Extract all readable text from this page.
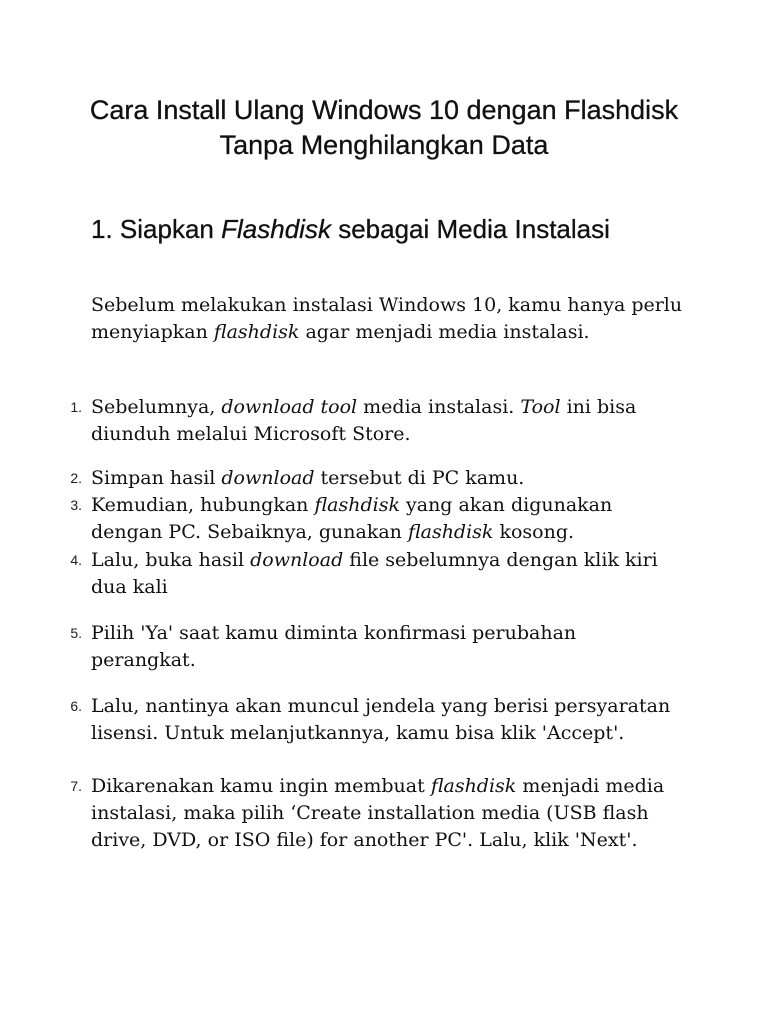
Cara Install Ulang Windows 10 dengan Flashdisk Tanpa Menghilangkan Data
1. Siapkan Flashdisk sebagai Media Instalasi

Sebelum melakukan instalasi Windows 10, kamu hanya perlu menyiapkan flashdisk agar menjadi media instalasi.

1. Sebelumnya, download tool media instalasi. Tool ini bisa diunduh melalui Microsoft Store.
2. Simpan hasil download tersebut di PC kamu.
3. Kemudian, hubungkan flashdisk yang akan digunakan dengan PC. Sebaiknya, gunakan flashdisk kosong.
4. Lalu, buka hasil download file sebelumnya dengan klik kiri dua kali
5. Pilih 'Ya' saat kamu diminta konfirmasi perubahan perangkat.
6. Lalu, nantinya akan muncul jendela yang berisi persyaratan lisensi. Untuk melanjutkannya, kamu bisa klik 'Accept'.
7. Dikarenakan kamu ingin membuat flashdisk menjadi media instalasi, maka pilih ‘Create installation media (USB flash drive, DVD, or ISO file) for another PC'. Lalu, klik 'Next'.
